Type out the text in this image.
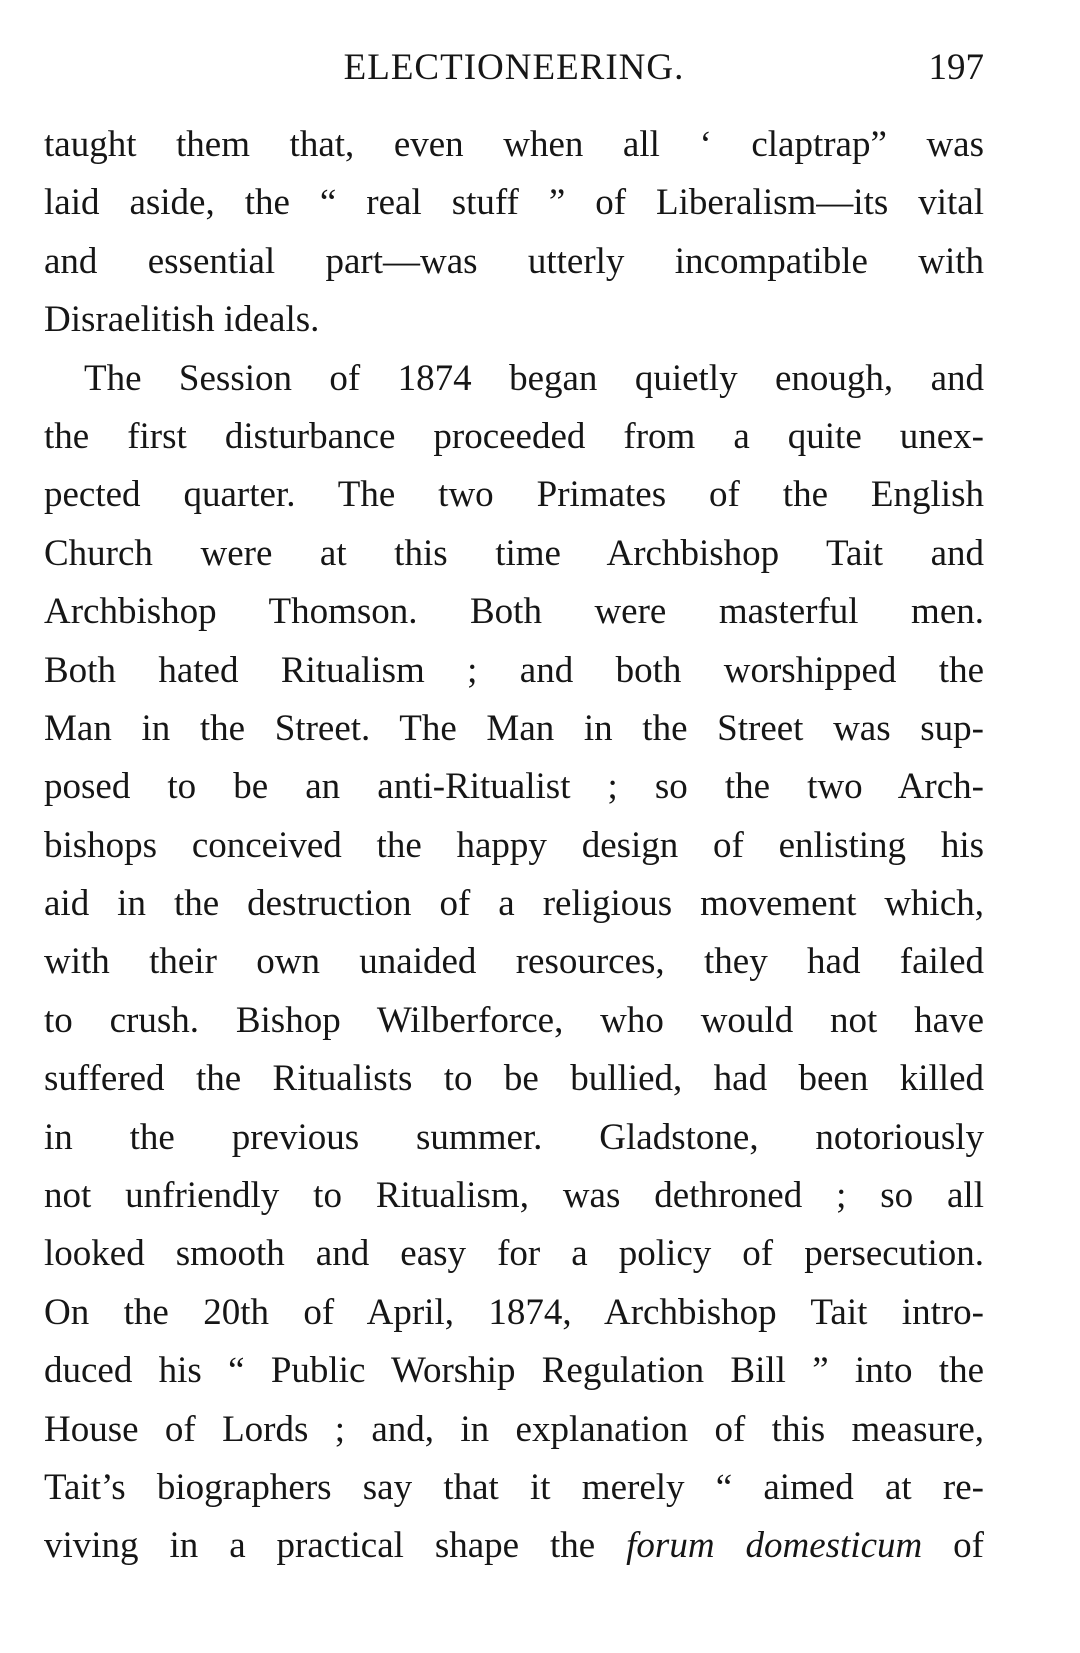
ELECTIONEERING.	197
taught them that, even when all ‘ claptrap” was
laid aside, the “ real stuff ” of Liberalism—its vital
and essential part—was utterly incompatible with
Disraelitish ideals.
The Session of 1874 began quietly enough, and
the first disturbance proceeded from a quite unex-
pected quarter. The two Primates of the English
Church were at this time Archbishop Tait and
Archbishop Thomson. Both were masterful men.
Both hated Ritualism ; and both worshipped the
Man in the Street. The Man in the Street was sup-
posed to be an anti-Ritualist ; so the two Arch-
bishops conceived the happy design of enlisting his
aid in the destruction of a religious movement which,
with their own unaided resources, they had failed
to crush. Bishop Wilberforce, who would not have
suffered the Ritualists to be bullied, had been killed
in the previous summer. Gladstone, notoriously
not unfriendly to Ritualism, was dethroned ; so all
looked smooth and easy for a policy of persecution.
On the 20th of April, 1874, Archbishop Tait intro-
duced his “ Public Worship Regulation Bill ” into the
House of Lords ; and, in explanation of this measure,
Tait’s biographers say that it merely “ aimed at re-
viving in a practical shape the forum domesticum of
